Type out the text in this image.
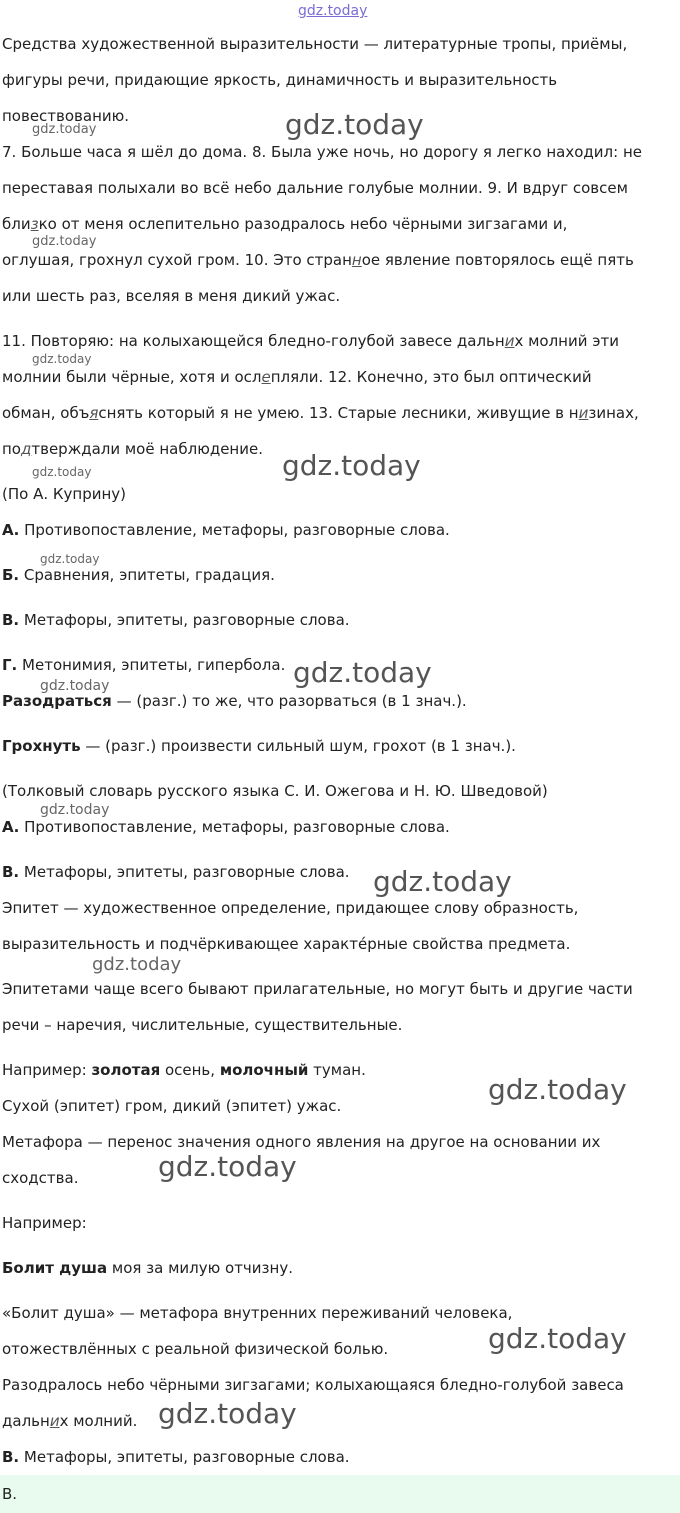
gdz.today
gdz.today	gdz.today
gdz.today
gdz.today
gdz.today
gdz.today
gdz.today
gdz.today
gdz.today
gdz.today
gdz.today
gdz.today
gdz.today
gdz.today
gdz.today
gdz.today

Средства художественной выразительности — литературные тропы, приёмы,

фигуры речи, придающие яркость, динамичность и выразительность

повествованию.

7. Больше часа я шёл до дома. 8. Была уже ночь, но дорогу я легко находил: не

переставая полыхали во всё небо дальние голубые молнии. 9. И вдруг совсем

близко от меня ослепительно разодралось небо чёрными зигзагами и,

оглушая, грохнул сухой гром. 10. Это странное явление повторялось ещё пять

или шесть раз, вселяя в меня дикий ужас.

11. Повторяю: на колыхающейся бледно-голубой завесе дальних молний эти

молнии были чёрные, хотя и ослепляли. 12. Конечно, это был оптический

обман, объяснять который я не умею. 13. Старые лесники, живущие в низинах,

подтверждали моё наблюдение.

(По А. Куприну)

А. Противопоставление, метафоры, разговорные слова.

Б. Сравнения, эпитеты, градация.

В. Метафоры, эпитеты, разговорные слова.

Г. Метонимия, эпитеты, гипербола.

Разодраться — (разг.) то же, что разорваться (в 1 знач.).

Грохнуть — (разг.) произвести сильный шум, грохот (в 1 знач.).

(Толковый словарь русского языка С. И. Ожегова и Н. Ю. Шведовой)

А. Противопоставление, метафоры, разговорные слова.

В. Метафоры, эпитеты, разговорные слова.

Эпитет — художественное определение, придающее слову образность,

выразительность и подчёркивающее характéрные свойства предмета.

Эпитетами чаще всего бывают прилагательные, но могут быть и другие части

речи – наречия, числительные, существительные.

Например: золотая осень, молочный туман.

Сухой (эпитет) гром, дикий (эпитет) ужас.

Метафора — перенос значения одного явления на другое на основании их

сходства.

Например:

Болит душа моя за милую отчизну.

«Болит душа» — метафора внутренних переживаний человека,

отожествлённых с реальной физической болью.

Разодралось небо чёрными зигзагами; колыхающаяся бледно-голубой завеса

дальних молний.

В. Метафоры, эпитеты, разговорные слова.

В.
